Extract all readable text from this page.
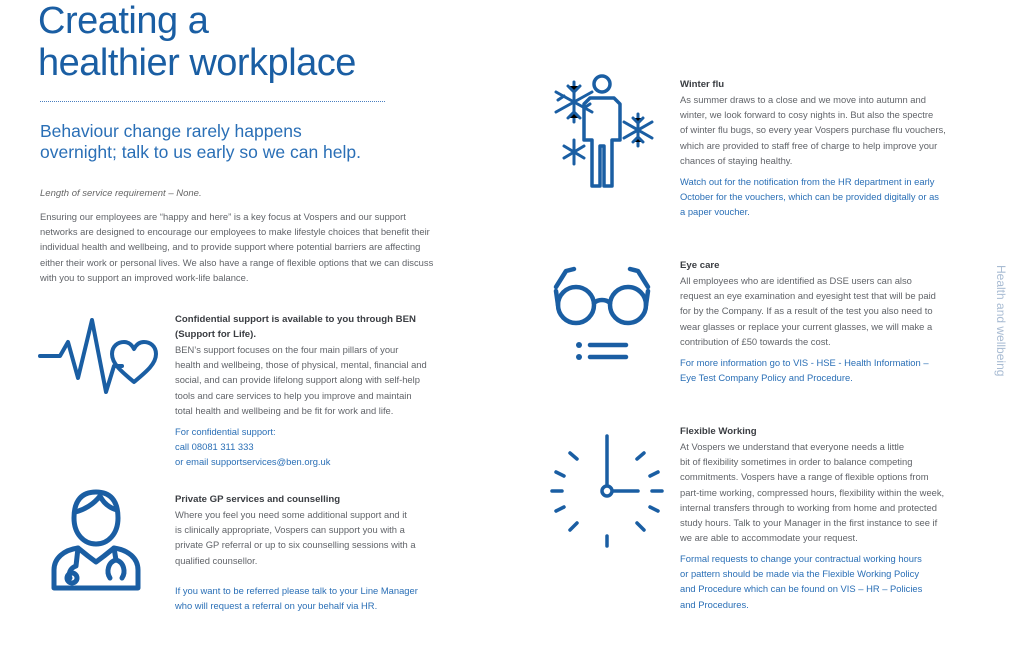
Creating a
healthier workplace

Behaviour change rarely happens
overnight; talk to us early so we can help.

Length of service requirement – None.

Ensuring our employees are “happy and here” is a key focus at Vospers and our support
networks are designed to encourage our employees to make lifestyle choices that benefit their
individual health and wellbeing, and to provide support where potential barriers are affecting
either their work or personal lives. We also have a range of flexible options that we can discuss
with you to support an improved work-life balance.

Confidential support is available to you through BEN
(Support for Life).

BEN’s support focuses on the four main pillars of your
health and wellbeing, those of physical, mental, financial and
social, and can provide lifelong support along with self-help
tools and care services to help you improve and maintain
total health and wellbeing and be fit for work and life.

For confidential support:
call 08081 311 333
or email supportservices@ben.org.uk

Private GP services and counselling

Where you feel you need some additional support and it
is clinically appropriate, Vospers can support you with a
private GP referral or up to six counselling sessions with a
qualified counsellor.

If you want to be referred please talk to your Line Manager
who will request a referral on your behalf via HR.

Winter flu

As summer draws to a close and we move into autumn and
winter, we look forward to cosy nights in. But also the spectre
of winter flu bugs, so every year Vospers purchase flu vouchers,
which are provided to staff free of charge to help improve your
chances of staying healthy.

Watch out for the notification from the HR department in early
October for the vouchers, which can be provided digitally or as
a paper voucher.

Eye care

All employees who are identified as DSE users can also
request an eye examination and eyesight test that will be paid
for by the Company. If as a result of the test you also need to
wear glasses or replace your current glasses, we will make a
contribution of £50 towards the cost.

For more information go to VIS - HSE - Health Information –
Eye Test Company Policy and Procedure.

Flexible Working

At Vospers we understand that everyone needs a little
bit of flexibility sometimes in order to balance competing
commitments. Vospers have a range of flexible options from
part-time working, compressed hours, flexibility within the week,
internal transfers through to working from home and protected
study hours. Talk to your Manager in the first instance to see if
we are able to accommodate your request.

Formal requests to change your contractual working hours
or pattern should be made via the Flexible Working Policy
and Procedure which can be found on VIS – HR – Policies
and Procedures.

Health and wellbeing
